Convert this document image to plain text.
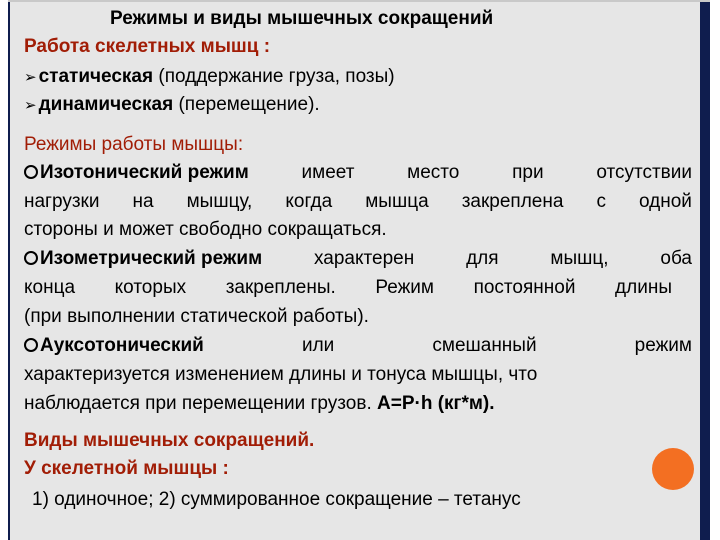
Режимы и виды мышечных сокращений
Работа скелетных мышц :
➢ статическая (поддержание груза, позы)
➢ динамическая (перемещение).
Режимы работы мышцы:
Изотонический режим	имеет	место	при	отсутствии
нагрузки на мышцу, когда мышца закреплена с одной
стороны и может свободно сокращаться.
Изометрический режим	характерен	для	мышц,	оба
конца которых закреплены. Режим постоянной длины
(при выполнении статической работы).
Ауксотонический	или	смешанный	режим
характеризуется изменением длины и тонуса мышцы, что
наблюдается при перемещении грузов. A=P·h (кг*м).
Виды мышечных сокращений.
У скелетной мышцы :
1) одиночное; 2) суммированное сокращение – тетанус
